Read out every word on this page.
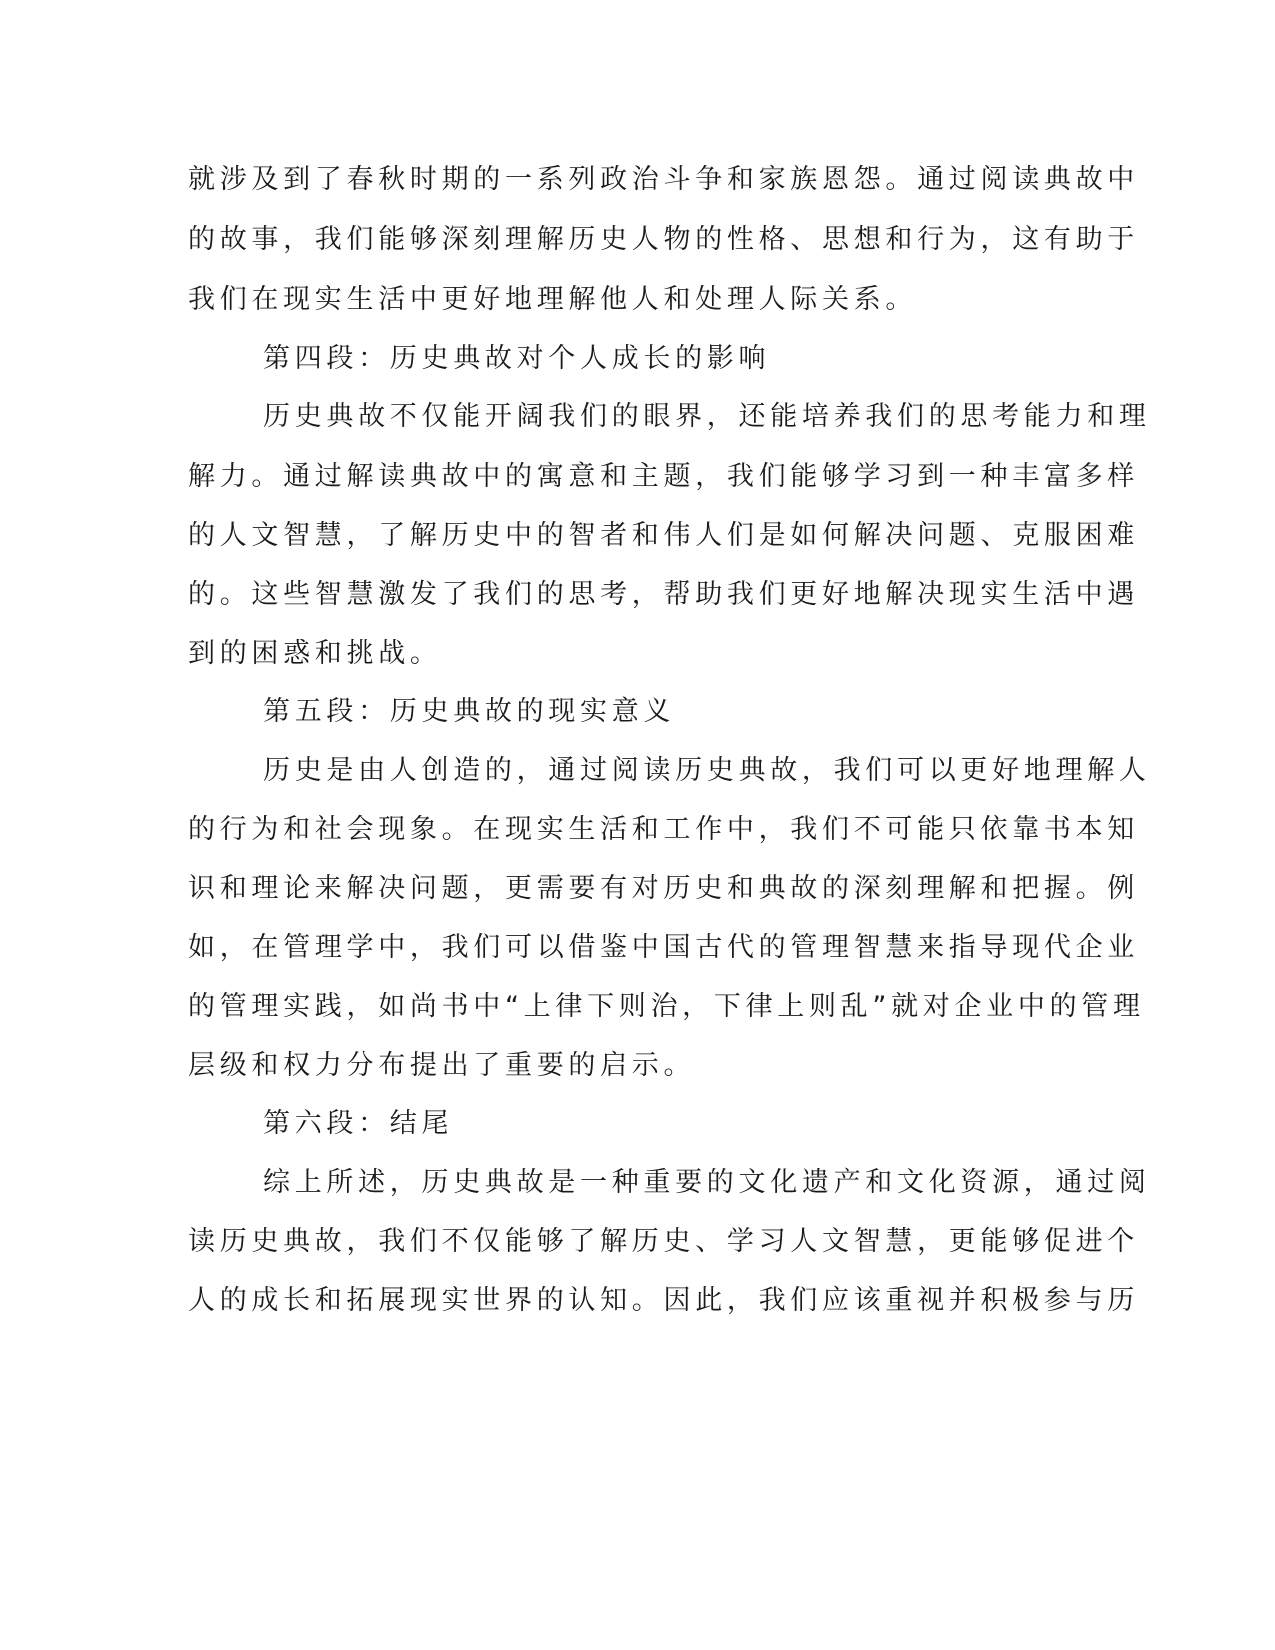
就涉及到了春秋时期的一系列政治斗争和家族恩怨。通过阅读典故中

的故事，我们能够深刻理解历史人物的性格、思想和行为，这有助于

我们在现实生活中更好地理解他人和处理人际关系。

第四段：历史典故对个人成长的影响

历史典故不仅能开阔我们的眼界，还能培养我们的思考能力和理

解力。通过解读典故中的寓意和主题，我们能够学习到一种丰富多样

的人文智慧，了解历史中的智者和伟人们是如何解决问题、克服困难

的。这些智慧激发了我们的思考，帮助我们更好地解决现实生活中遇

到的困惑和挑战。

第五段：历史典故的现实意义

历史是由人创造的，通过阅读历史典故，我们可以更好地理解人

的行为和社会现象。在现实生活和工作中，我们不可能只依靠书本知

识和理论来解决问题，更需要有对历史和典故的深刻理解和把握。例

如，在管理学中，我们可以借鉴中国古代的管理智慧来指导现代企业

的管理实践，如尚书中“上律下则治，下律上则乱”就对企业中的管理

层级和权力分布提出了重要的启示。

第六段：结尾

综上所述，历史典故是一种重要的文化遗产和文化资源，通过阅

读历史典故，我们不仅能够了解历史、学习人文智慧，更能够促进个

人的成长和拓展现实世界的认知。因此，我们应该重视并积极参与历
